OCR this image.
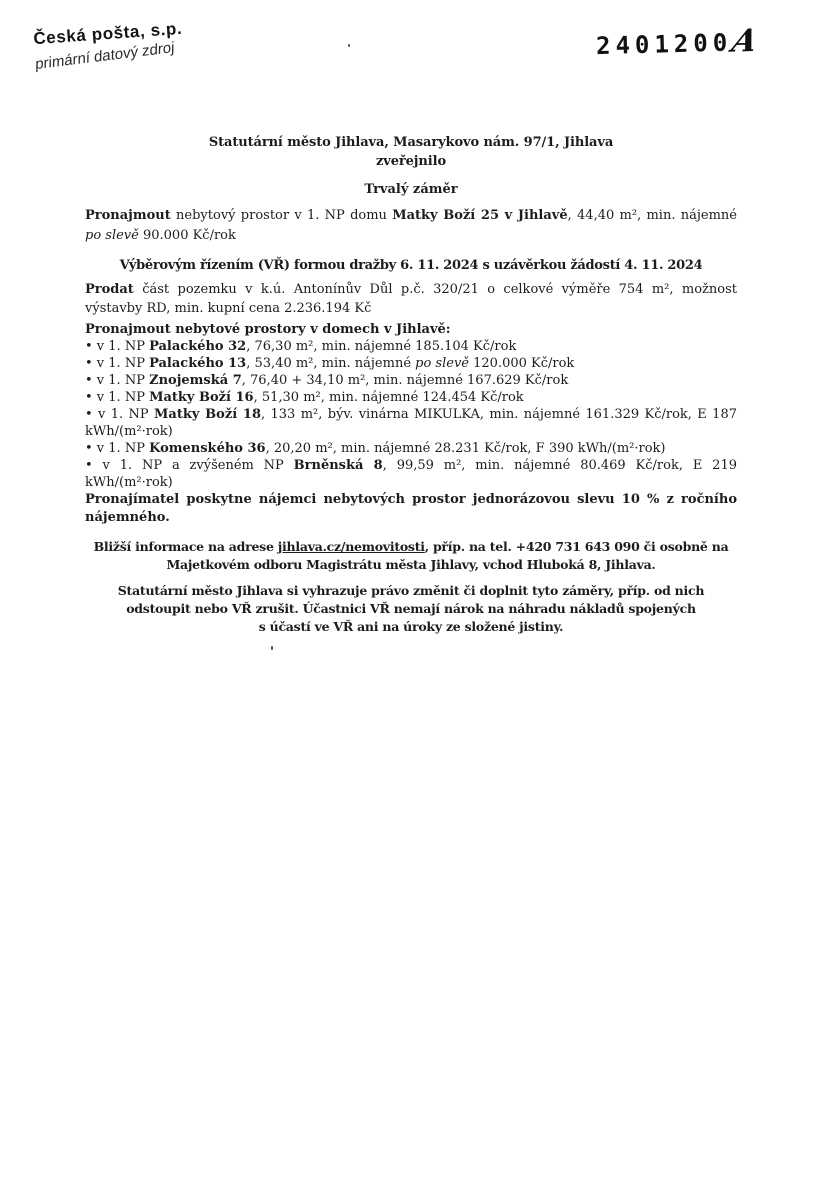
Česká pošta, s.p.
primární datový zdroj	2401200A
Statutární město Jihlava, Masarykovo nám. 97/1, Jihlava
zveřejnilo
Trvalý záměr
Pronajmout nebytový prostor v 1. NP domu Matky Boží 25 v Jihlavě, 44,40 m², min. nájemné po slevě 90.000 Kč/rok
Výběrovým řízením (VŘ) formou dražby 6. 11. 2024 s uzávěrkou žádostí 4. 11. 2024
Prodat část pozemku v k.ú. Antonínův Důl p.č. 320/21 o celkové výměře 754 m², možnost výstavby RD, min. kupní cena 2.236.194 Kč
Pronajmout nebytové prostory v domech v Jihlavě:
• v 1. NP Palackého 32, 76,30 m², min. nájemné 185.104 Kč/rok
• v 1. NP Palackého 13, 53,40 m², min. nájemné po slevě 120.000 Kč/rok
• v 1. NP Znojemská 7, 76,40 + 34,10 m², min. nájemné 167.629 Kč/rok
• v 1. NP Matky Boží 16, 51,30 m², min. nájemné 124.454 Kč/rok
• v 1. NP Matky Boží 18, 133 m², býv. vinárna MIKULKA, min. nájemné 161.329 Kč/rok, E 187 kWh/(m²·rok)
• v 1. NP Komenského 36, 20,20 m², min. nájemné 28.231 Kč/rok, F 390 kWh/(m²·rok)
• v 1. NP a zvýšeném NP Brněnská 8, 99,59 m², min. nájemné 80.469 Kč/rok, E 219 kWh/(m²·rok)
Pronajímatel poskytne nájemci nebytových prostor jednorázovou slevu 10 % z ročního nájemného.
Bližší informace na adrese jihlava.cz/nemovitosti, příp. na tel. +420 731 643 090 či osobně na
Majetkovém odboru Magistrátu města Jihlavy, vchod Hluboká 8, Jihlava.
Statutární město Jihlava si vyhrazuje právo změnit či doplnit tyto záměry, příp. od nich
odstoupit nebo VŘ zrušit. Účastnici VŘ nemají nárok na náhradu nákladů spojených
s účastí ve VŘ ani na úroky ze složené jistiny.
